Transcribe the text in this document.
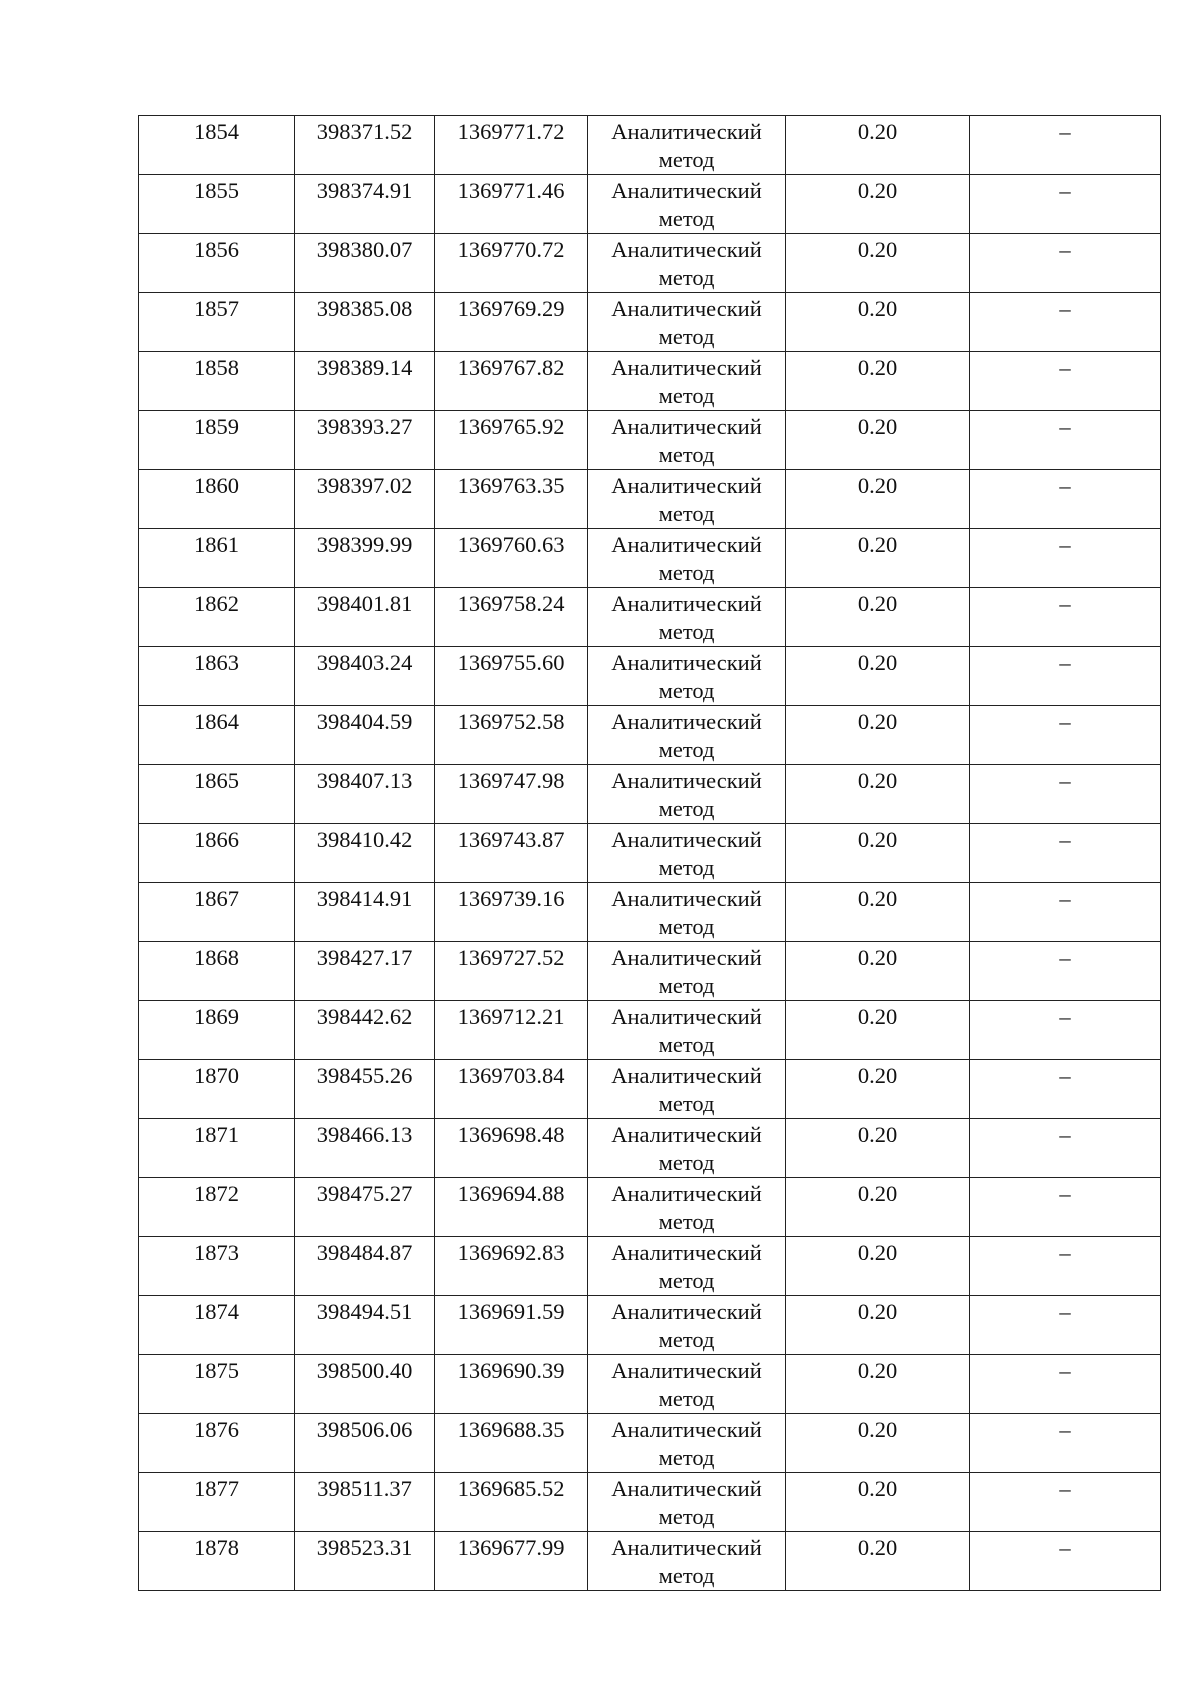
1854	398371.52	1369771.72	Аналитический метод	0.20	–

1855	398374.91	1369771.46	Аналитический метод	0.20	–

1856	398380.07	1369770.72	Аналитический метод	0.20	–

1857	398385.08	1369769.29	Аналитический метод	0.20	–

1858	398389.14	1369767.82	Аналитический метод	0.20	–

1859	398393.27	1369765.92	Аналитический метод	0.20	–

1860	398397.02	1369763.35	Аналитический метод	0.20	–

1861	398399.99	1369760.63	Аналитический метод	0.20	–

1862	398401.81	1369758.24	Аналитический метод	0.20	–

1863	398403.24	1369755.60	Аналитический метод	0.20	–

1864	398404.59	1369752.58	Аналитический метод	0.20	–

1865	398407.13	1369747.98	Аналитический метод	0.20	–

1866	398410.42	1369743.87	Аналитический метод	0.20	–

1867	398414.91	1369739.16	Аналитический метод	0.20	–

1868	398427.17	1369727.52	Аналитический метод	0.20	–

1869	398442.62	1369712.21	Аналитический метод	0.20	–

1870	398455.26	1369703.84	Аналитический метод	0.20	–

1871	398466.13	1369698.48	Аналитический метод	0.20	–

1872	398475.27	1369694.88	Аналитический метод	0.20	–

1873	398484.87	1369692.83	Аналитический метод	0.20	–

1874	398494.51	1369691.59	Аналитический метод	0.20	–

1875	398500.40	1369690.39	Аналитический метод	0.20	–

1876	398506.06	1369688.35	Аналитический метод	0.20	–

1877	398511.37	1369685.52	Аналитический метод	0.20	–

1878	398523.31	1369677.99	Аналитический метод	0.20	–
